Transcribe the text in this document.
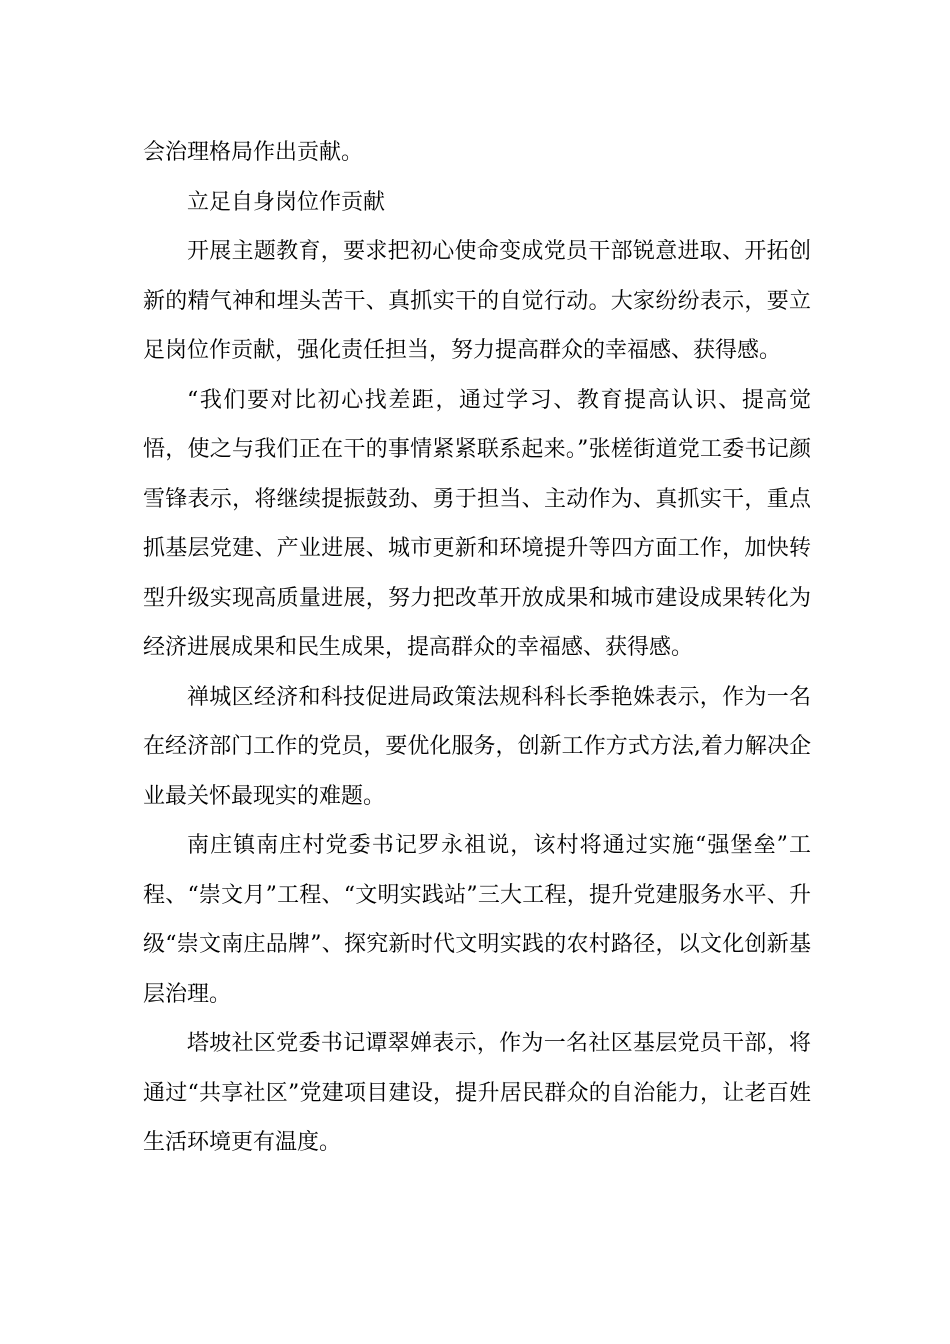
会治理格局作出贡献。

立足自身岗位作贡献

开展主题教育，要求把初心使命变成党员干部锐意进取、开拓创新的精气神和埋头苦干、真抓实干的自觉行动。大家纷纷表示，要立足岗位作贡献，强化责任担当，努力提高群众的幸福感、获得感。

“我们要对比初心找差距，通过学习、教育提高认识、提高觉悟，使之与我们正在干的事情紧紧联系起来。”张槎街道党工委书记颜雪锋表示，将继续提振鼓劲、勇于担当、主动作为、真抓实干，重点抓基层党建、产业进展、城市更新和环境提升等四方面工作，加快转型升级实现高质量进展，努力把改革开放成果和城市建设成果转化为经济进展成果和民生成果，提高群众的幸福感、获得感。

禅城区经济和科技促进局政策法规科科长季艳姝表示，作为一名在经济部门工作的党员，要优化服务，创新工作方式方法,着力解决企业最关怀最现实的难题。

南庄镇南庄村党委书记罗永祖说，该村将通过实施“强堡垒”工程、“崇文月”工程、“文明实践站”三大工程，提升党建服务水平、升级“崇文南庄品牌”、探究新时代文明实践的农村路径，以文化创新基层治理。

塔坡社区党委书记谭翠婵表示，作为一名社区基层党员干部，将通过“共享社区”党建项目建设，提升居民群众的自治能力，让老百姓生活环境更有温度。
